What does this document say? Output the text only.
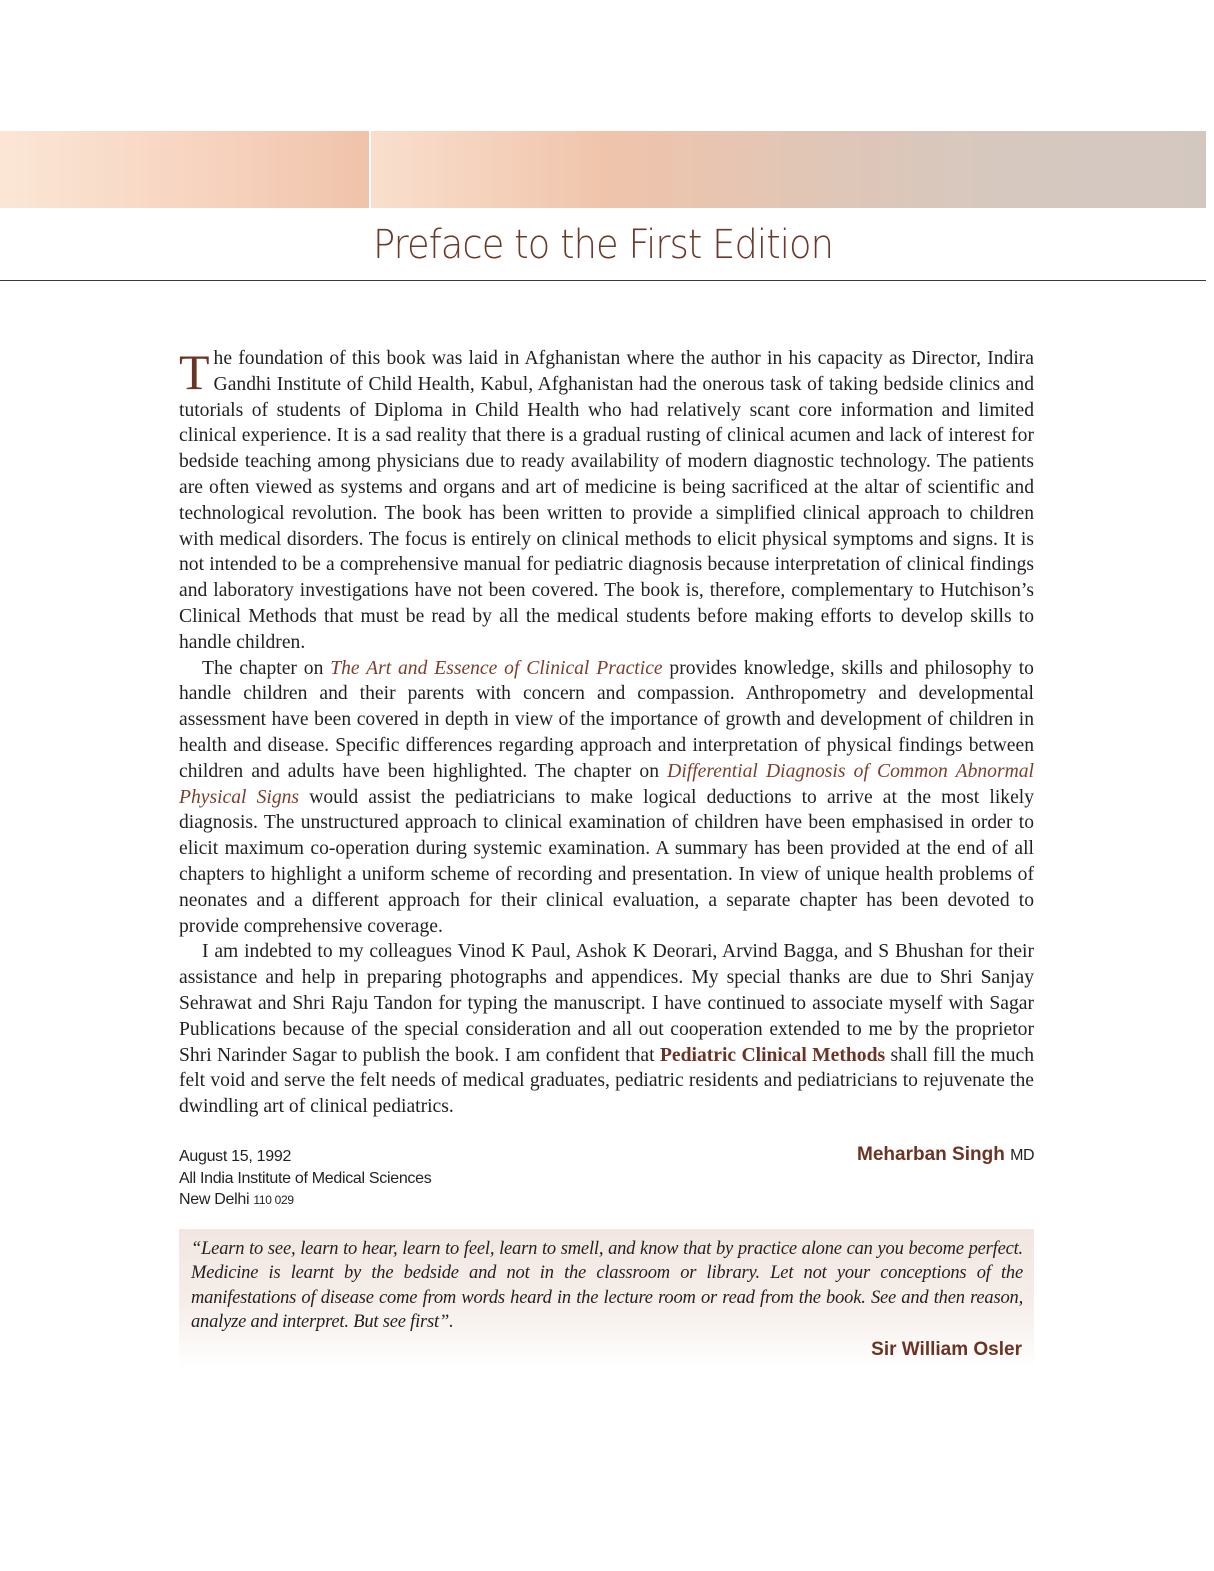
Preface to the First Edition

The foundation of this book was laid in Afghanistan where the author in his capacity as Director, Indira Gandhi Institute of Child Health, Kabul, Afghanistan had the onerous task of taking bedside clinics and tutorials of students of Diploma in Child Health who had relatively scant core information and limited clinical experience. It is a sad reality that there is a gradual rusting of clinical acumen and lack of interest for bedside teaching among physicians due to ready availability of modern diagnostic technology. The patients are often viewed as systems and organs and art of medicine is being sacrificed at the altar of scientific and technological revolution. The book has been written to provide a simplified clinical approach to children with medical disorders. The focus is entirely on clinical methods to elicit physical symptoms and signs. It is not intended to be a comprehensive manual for pediatric diagnosis because interpretation of clinical findings and laboratory investigations have not been covered. The book is, therefore, complementary to Hutchison’s Clinical Methods that must be read by all the medical students before making efforts to develop skills to handle children.

The chapter on The Art and Essence of Clinical Practice provides knowledge, skills and philosophy to handle children and their parents with concern and compassion. Anthropometry and developmental assessment have been covered in depth in view of the importance of growth and development of children in health and disease. Specific differences regarding approach and interpretation of physical findings between children and adults have been highlighted. The chapter on Differential Diagnosis of Common Abnormal Physical Signs would assist the pediatricians to make logical deductions to arrive at the most likely diagnosis. The unstructured approach to clinical examination of children have been emphasised in order to elicit maximum co-operation during systemic examination. A summary has been provided at the end of all chapters to highlight a uniform scheme of recording and presentation. In view of unique health problems of neonates and a different approach for their clinical evaluation, a separate chapter has been devoted to provide comprehensive coverage.

I am indebted to my colleagues Vinod K Paul, Ashok K Deorari, Arvind Bagga, and S Bhushan for their assistance and help in preparing photographs and appendices. My special thanks are due to Shri Sanjay Sehrawat and Shri Raju Tandon for typing the manuscript. I have continued to associate myself with Sagar Publications because of the special consideration and all out cooperation extended to me by the proprietor Shri Narinder Sagar to publish the book. I am confident that Pediatric Clinical Methods shall fill the much felt void and serve the felt needs of medical graduates, pediatric residents and pediatricians to rejuvenate the dwindling art of clinical pediatrics.

August 15, 1992
All India Institute of Medical Sciences
New Delhi 110 029
Meharban Singh MD
“Learn to see, learn to hear, learn to feel, learn to smell, and know that by practice alone can you become perfect. Medicine is learnt by the bedside and not in the classroom or library. Let not your conceptions of the manifestations of disease come from words heard in the lecture room or read from the book. See and then reason, analyze and interpret. But see first”.
Sir William Osler
